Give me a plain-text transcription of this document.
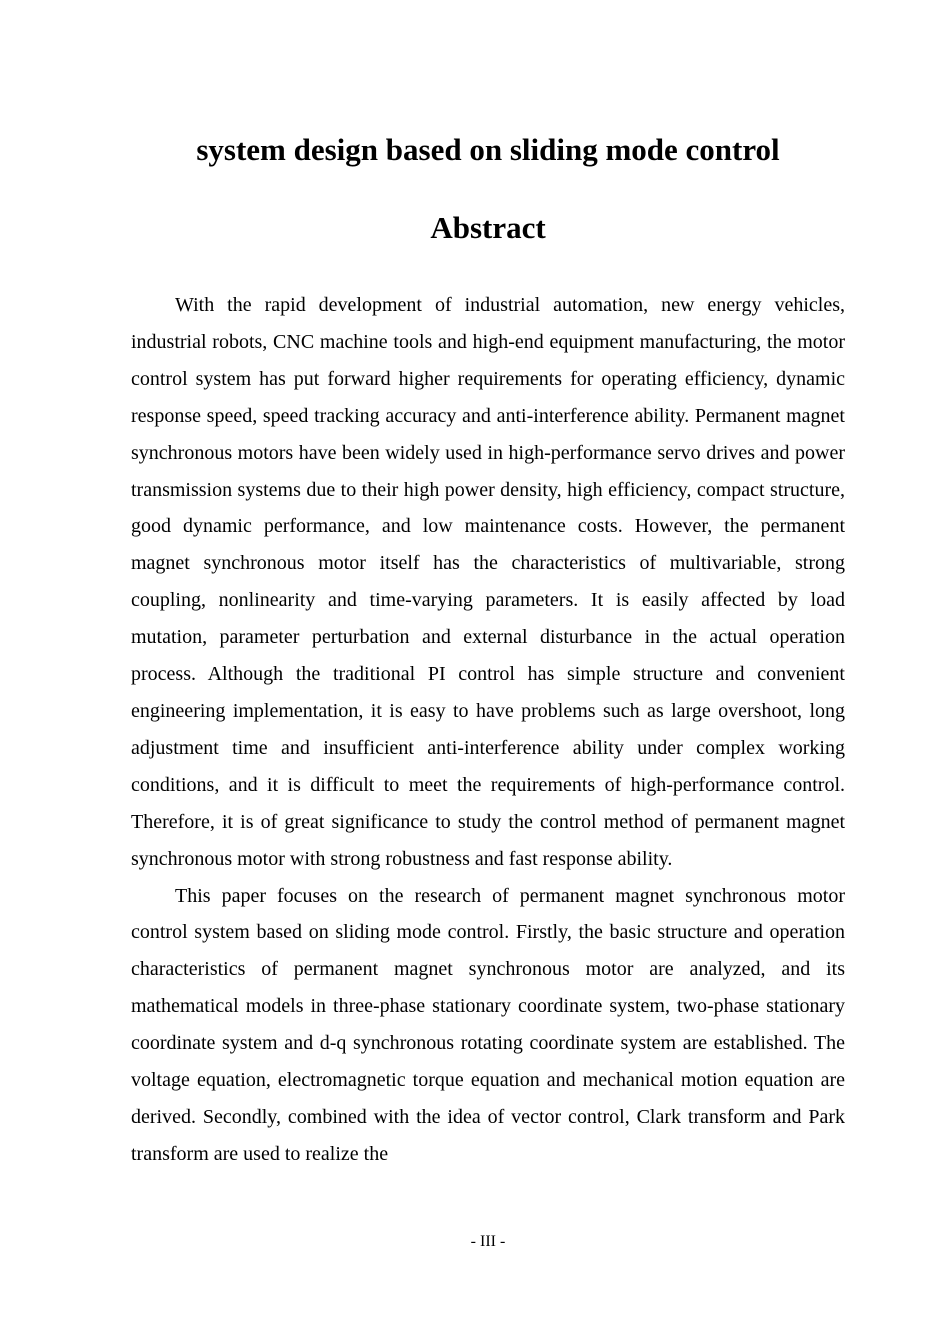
system design based on sliding mode control
Abstract

With the rapid development of industrial automation, new energy vehicles, industrial robots, CNC machine tools and high-end equipment manufacturing, the motor control system has put forward higher requirements for operating efficiency, dynamic response speed, speed tracking accuracy and anti-interference ability. Permanent magnet synchronous motors have been widely used in high-performance servo drives and power transmission systems due to their high power density, high efficiency, compact structure, good dynamic performance, and low maintenance costs. However, the permanent magnet synchronous motor itself has the characteristics of multivariable, strong coupling, nonlinearity and time-varying parameters. It is easily affected by load mutation, parameter perturbation and external disturbance in the actual operation process. Although the traditional PI control has simple structure and convenient engineering implementation, it is easy to have problems such as large overshoot, long adjustment time and insufficient anti-interference ability under complex working conditions, and it is difficult to meet the requirements of high-performance control. Therefore, it is of great significance to study the control method of permanent magnet synchronous motor with strong robustness and fast response ability.

This paper focuses on the research of permanent magnet synchronous motor control system based on sliding mode control. Firstly, the basic structure and operation characteristics of permanent magnet synchronous motor are analyzed, and its mathematical models in three-phase stationary coordinate system, two-phase stationary coordinate system and d-q synchronous rotating coordinate system are established. The voltage equation, electromagnetic torque equation and mechanical motion equation are derived. Secondly, combined with the idea of vector control, Clark transform and Park transform are used to realize the

- III -
